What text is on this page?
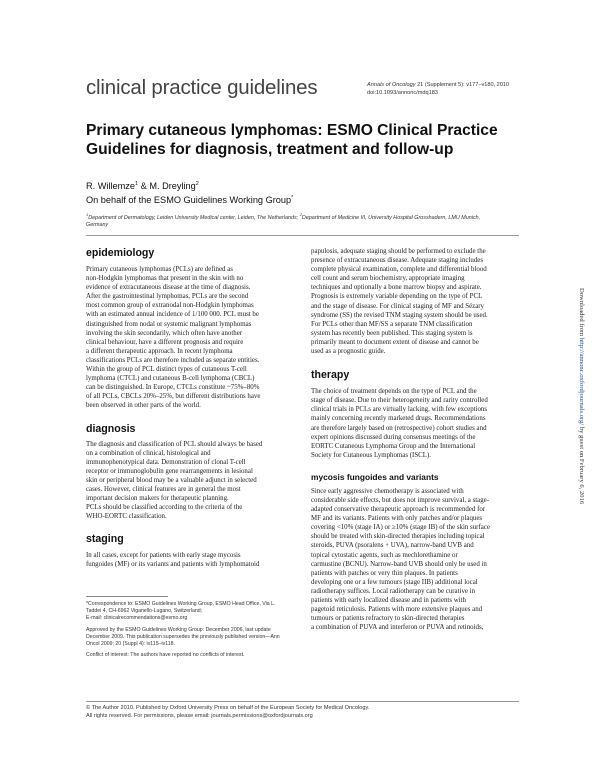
clinical practice guidelines	Annals of Oncology 21 (Supplement 5): v177–v180, 2010
doi:10.1093/annonc/mdq183
Primary cutaneous lymphomas: ESMO Clinical Practice Guidelines for diagnosis, treatment and follow-up
R. Willemze$^1$ & M. Dreyling$^2$
On behalf of the ESMO Guidelines Working Group*
$^1$Department of Dermatology, Leiden University Medical center, Leiden, The Netherlands; $^2$Department of Medicine III, University Hospital Grosshadern, LMU Munich,
Germany
epidemiology
Primary cutaneous lymphomas (PCLs) are defined as
non-Hodgkin lymphomas that present in the skin with no
evidence of extracutaneous disease at the time of diagnosis.
After the gastrointestinal lymphomas, PCLs are the second
most common group of extranodal non-Hodgkin lymphomas
with an estimated annual incidence of 1/100 000. PCL must be
distinguished from nodal or systemic malignant lymphomas
involving the skin secondarily, which often have another
clinical behaviour, have a different prognosis and require
a different therapeutic approach. In recent lymphoma
classifications PCLs are therefore included as separate entities.
Within the group of PCL distinct types of cutaneous T-cell
lymphoma (CTCL) and cutaneous B-cell lymphoma (CBCL)
can be distinguished. In Europe, CTCLs constitute ~75%–80%
of all PCLs, CBCLs 20%–25%, but different distributions have
been observed in other parts of the world.
diagnosis
The diagnosis and classification of PCL should always be based
on a combination of clinical, histological and
immunophenotypical data. Demonstration of clonal T-cell
receptor or immunoglobulin gene rearrangements in lesional
skin or peripheral blood may be a valuable adjunct in selected
cases. However, clinical features are in general the most
important decision makers for therapeutic planning.
PCLs should be classified according to the criteria of the
WHO-EORTC classification.
staging
In all cases, except for patients with early stage mycosis
fungoides (MF) or its variants and patients with lymphomatoid
papulosis, adequate staging should be performed to exclude the
presence of extracutaneous disease. Adequate staging includes
complete physical examination, complete and differential blood
cell count and serum biochemistry, appropriate imaging
techniques and optionally a bone marrow biopsy and aspirate.
Prognosis is extremely variable depending on the type of PCL
and the stage of disease. For clinical staging of MF and Sézary
syndrome (SS) the revised TNM staging system should be used.
For PCLs other than MF/SS a separate TNM classification
system has recently been published. This staging system is
primarily meant to document extent of disease and cannot be
used as a prognostic guide.
therapy
The choice of treatment depends on the type of PCL and the
stage of disease. Due to their heterogeneity and rarity controlled
clinical trials in PCLs are virtually lacking, with few exceptions
mainly concerning recently marketed drugs. Recommendations
are therefore largely based on (retrospective) cohort studies and
expert opinions discussed during consensus meetings of the
EORTC Cutaneous Lymphoma Group and the International
Society for Cutaneous Lymphomas (ISCL).
mycosis fungoides and variants
Since early aggressive chemotherapy is associated with
considerable side effects, but does not improve survival, a stage-
adapted conservative therapeutic approach is recommended for
MF and its variants. Patients with only patches and/or plaques
covering <10% (stage IA) or ≥10% (stage IB) of the skin surface
should be treated with skin-directed therapies including topical
steroids, PUVA (psoralens + UVA), narrow-band UVB and
topical cytostatic agents, such as mechlorethamine or
carmustine (BCNU). Narrow-band UVB should only be used in
patients with patches or very thin plaques. In patients
developing one or a few tumours (stage IIB) additional local
radiotherapy suffices. Local radiotherapy can be curative in
patients with early localized disease and in patients with
pagetoid reticulosis. Patients with more extensive plaques and
tumours or patients refractory to skin-directed therapies
a combination of PUVA and interferon or PUVA and retinoids,
Downloaded from http://annonc.oxfordjournals.org/ by guest on February 6, 2016
*Correspondence to: ESMO Guidelines Working Group, ESMO Head Office, Via L.
Taddei 4, CH-6962 Viganello-Lugano, Switzerland;
E-mail: clinicalrecommendations@esmo.org
Approved by the ESMO Guidelines Working Group: December 2006, last update
December 2009. This publication supersedes the previously published version—Ann
Oncol 2009; 20 (Suppl 4): iv115–iv118.
Conflict of interest: The authors have reported no conflicts of interest.
© The Author 2010. Published by Oxford University Press on behalf of the European Society for Medical Oncology.
All rights reserved. For permissions, please email: journals.permissions@oxfordjournals.org
